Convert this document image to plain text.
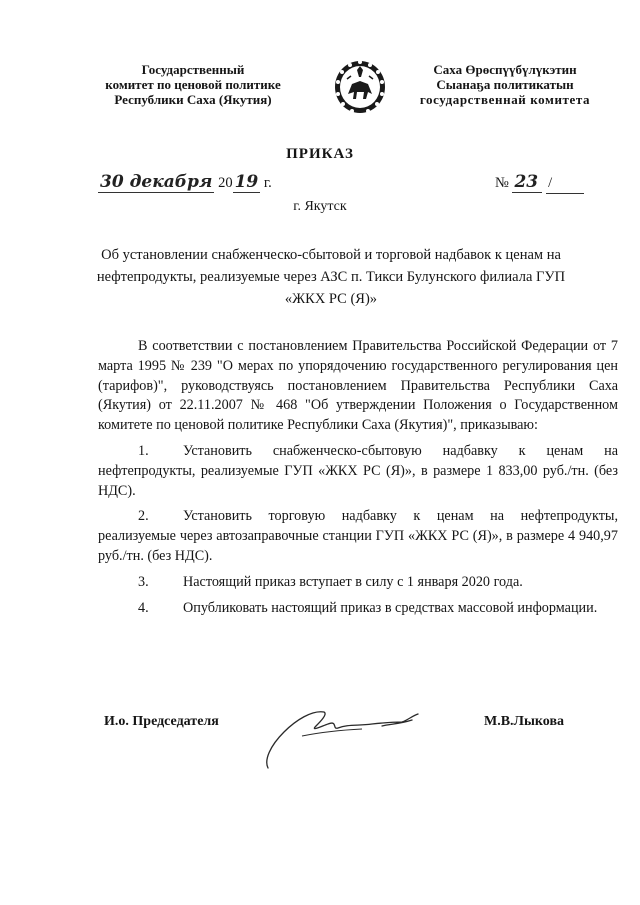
Государственный
комитет по ценовой политике
Республики Саха (Якутия)
Саха Өрөспүүбүлүкэтин
Сыанаҕа политикатын
государственнай комитета
ПРИКАЗ
30 декабря 20 19 г.	№ 23 /
г. Якутск
Об установлении снабженческо-сбытовой и торговой надбавок к ценам на
нефтепродукты, реализуемые через АЗС п. Тикси Булунского филиала ГУП
«ЖКХ РС (Я)»

В соответствии с постановлением Правительства Российской Федерации от 7 марта 1995 № 239 "О мерах по упорядочению государственного регулирования цен (тарифов)", руководствуясь постановлением Правительства Республики Саха (Якутия) от 22.11.2007 № 468 "Об утверждении Положения о Государственном комитете по ценовой политике Республики Саха (Якутия)", приказываю:

1. Установить снабженческо-сбытовую надбавку к ценам на нефтепродукты, реализуемые ГУП «ЖКХ РС (Я)», в размере 1 833,00 руб./тн. (без НДС).

2. Установить торговую надбавку к ценам на нефтепродукты, реализуемые через автозаправочные станции ГУП «ЖКХ РС (Я)», в размере 4 940,97 руб./тн. (без НДС).

3. Настоящий приказ вступает в силу с 1 января 2020 года.

4. Опубликовать настоящий приказ в средствах массовой информации.

И.о. Председателя	М.В.Лыкова
